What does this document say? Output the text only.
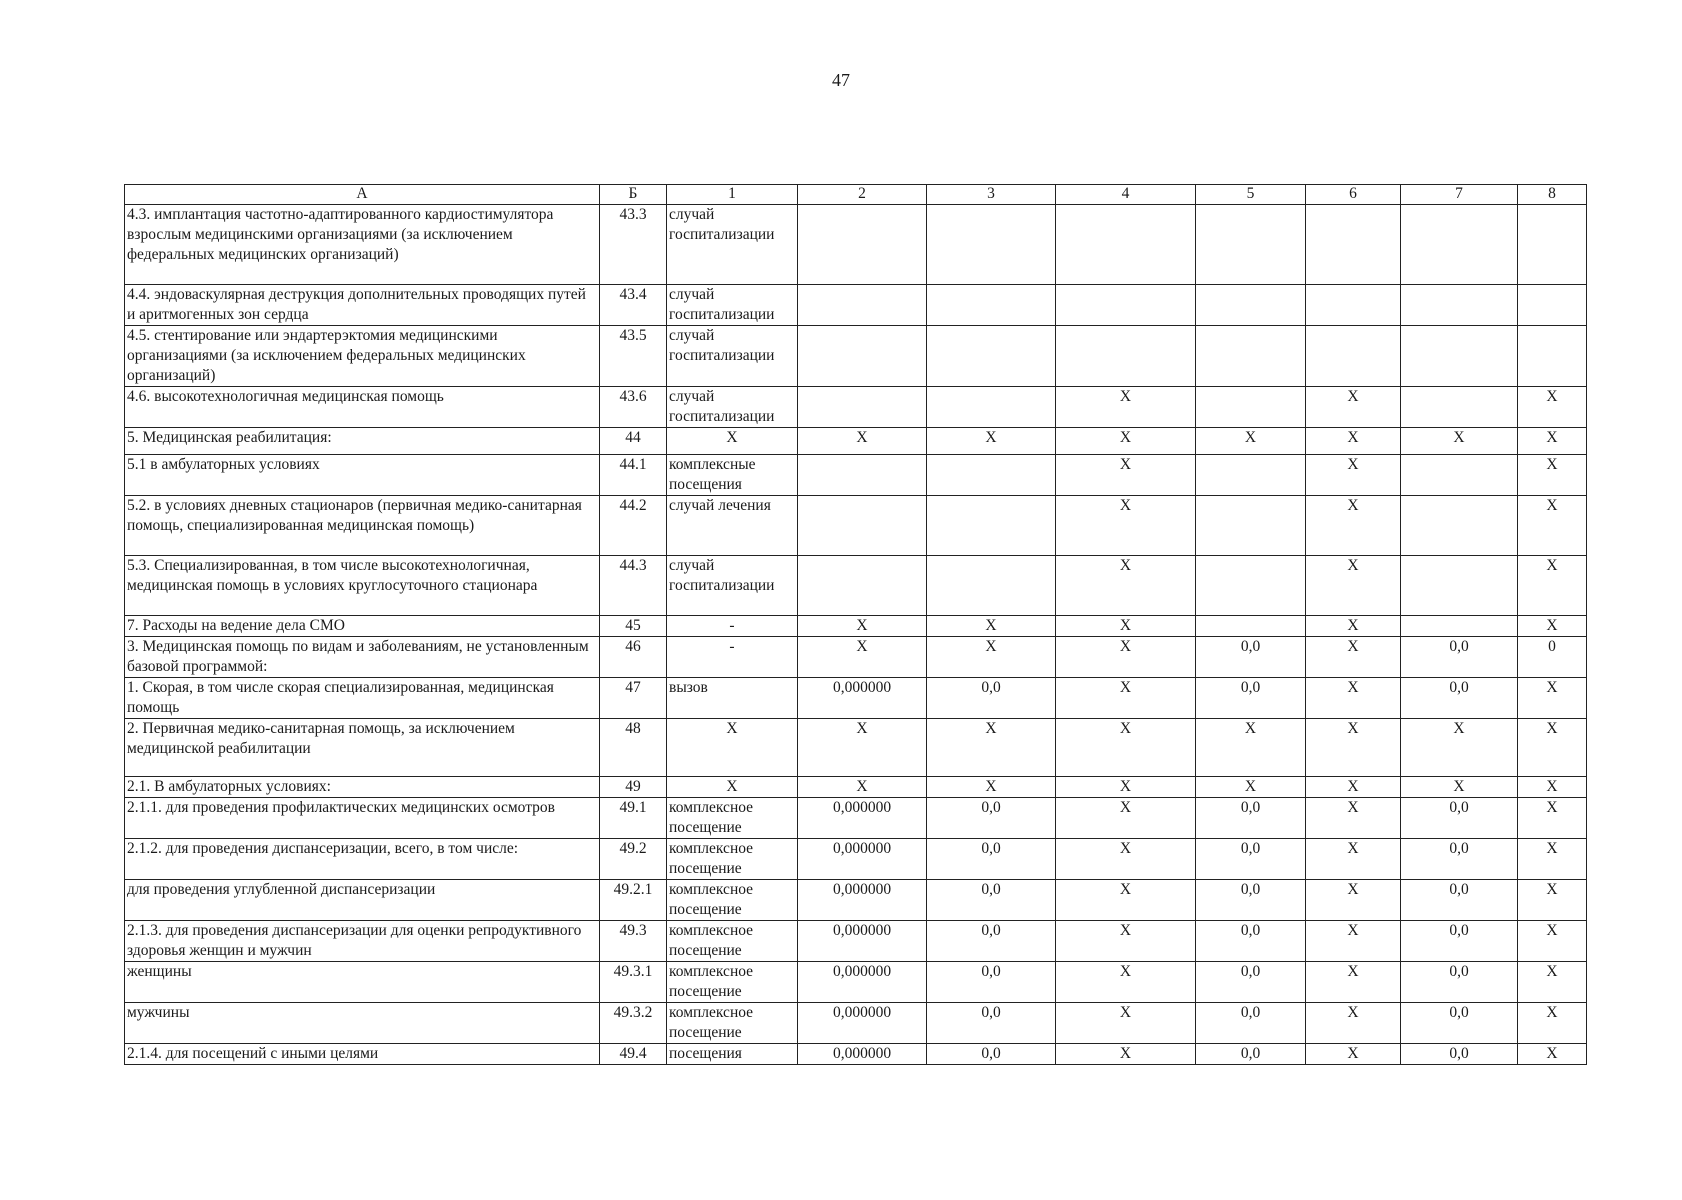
47
А	Б	1	2	3	4	5	6	7	8
4.3. имплантация частотно-адаптированного кардиостимулятора взрослым медицинскими организациями (за исключением федеральных медицинских организаций)	43.3	случай госпитализации							
4.4. эндоваскулярная деструкция дополнительных проводящих путей и аритмогенных зон сердца	43.4	случай госпитализации							
4.5. стентирование или эндартерэктомия медицинскими организациями (за исключением федеральных медицинских организаций)	43.5	случай госпитализации							
4.6. высокотехнологичная медицинская помощь	43.6	случай госпитализации			X		X		X
5. Медицинская реабилитация:	44	X	X	X	X	X	X	X	X
5.1 в амбулаторных условиях	44.1	комплексные посещения			X		X		X
5.2. в условиях дневных стационаров (первичная медико-санитарная помощь, специализированная медицинская помощь)	44.2	случай лечения			X		X		X
5.3. Специализированная, в том числе высокотехнологичная, медицинская помощь в условиях круглосуточного стационара	44.3	случай госпитализации			X		X		X
7. Расходы на ведение дела СМО	45	-	X	X	X		X		X
3. Медицинская помощь по видам и заболеваниям, не установленным базовой программой:	46	-	X	X	X	0,0	X	0,0	0
1. Скорая, в том числе скорая специализированная, медицинская помощь	47	вызов	0,000000	0,0	X	0,0	X	0,0	X
2. Первичная медико-санитарная помощь, за исключением медицинской реабилитации	48	X	X	X	X	X	X	X	X
2.1. В амбулаторных условиях:	49	X	X	X	X	X	X	X	X
2.1.1. для проведения профилактических медицинских осмотров	49.1	комплексное посещение	0,000000	0,0	X	0,0	X	0,0	X
2.1.2. для проведения диспансеризации, всего, в том числе:	49.2	комплексное посещение	0,000000	0,0	X	0,0	X	0,0	X
для проведения углубленной диспансеризации	49.2.1	комплексное посещение	0,000000	0,0	X	0,0	X	0,0	X
2.1.3. для проведения диспансеризации для оценки репродуктивного здоровья женщин и мужчин	49.3	комплексное посещение	0,000000	0,0	X	0,0	X	0,0	X
женщины	49.3.1	комплексное посещение	0,000000	0,0	X	0,0	X	0,0	X
мужчины	49.3.2	комплексное посещение	0,000000	0,0	X	0,0	X	0,0	X
2.1.4. для посещений с иными целями	49.4	посещения	0,000000	0,0	X	0,0	X	0,0	X
